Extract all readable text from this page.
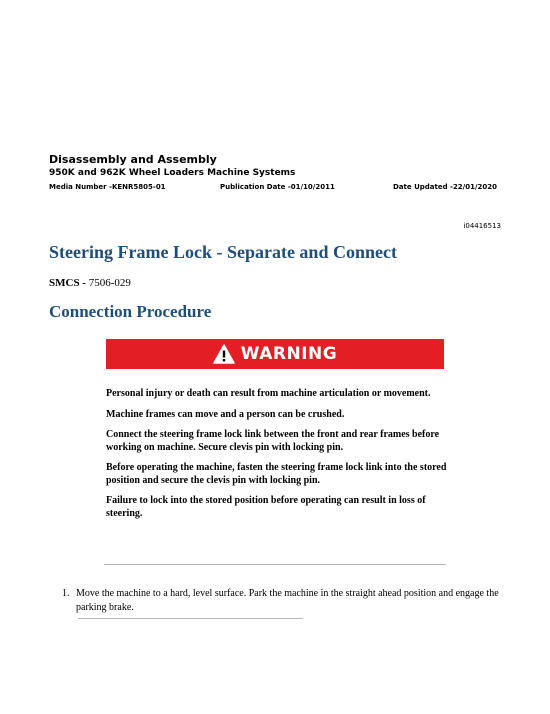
Disassembly and Assembly
950K and 962K Wheel Loaders Machine Systems
Media Number -KENR5805-01	Publication Date -01/10/2011	Date Updated -22/01/2020
i04416513
Steering Frame Lock - Separate and Connect
SMCS - 7506-029
Connection Procedure
WARNING

Personal injury or death can result from machine articulation or movement.

Machine frames can move and a person can be crushed.

Connect the steering frame lock link between the front and rear frames before working on machine. Secure clevis pin with locking pin.

Before operating the machine, fasten the steering frame lock link into the stored position and secure the clevis pin with locking pin.

Failure to lock into the stored position before operating can result in loss of steering.

1. Move the machine to a hard, level surface. Park the machine in the straight ahead position and engage the parking brake.
